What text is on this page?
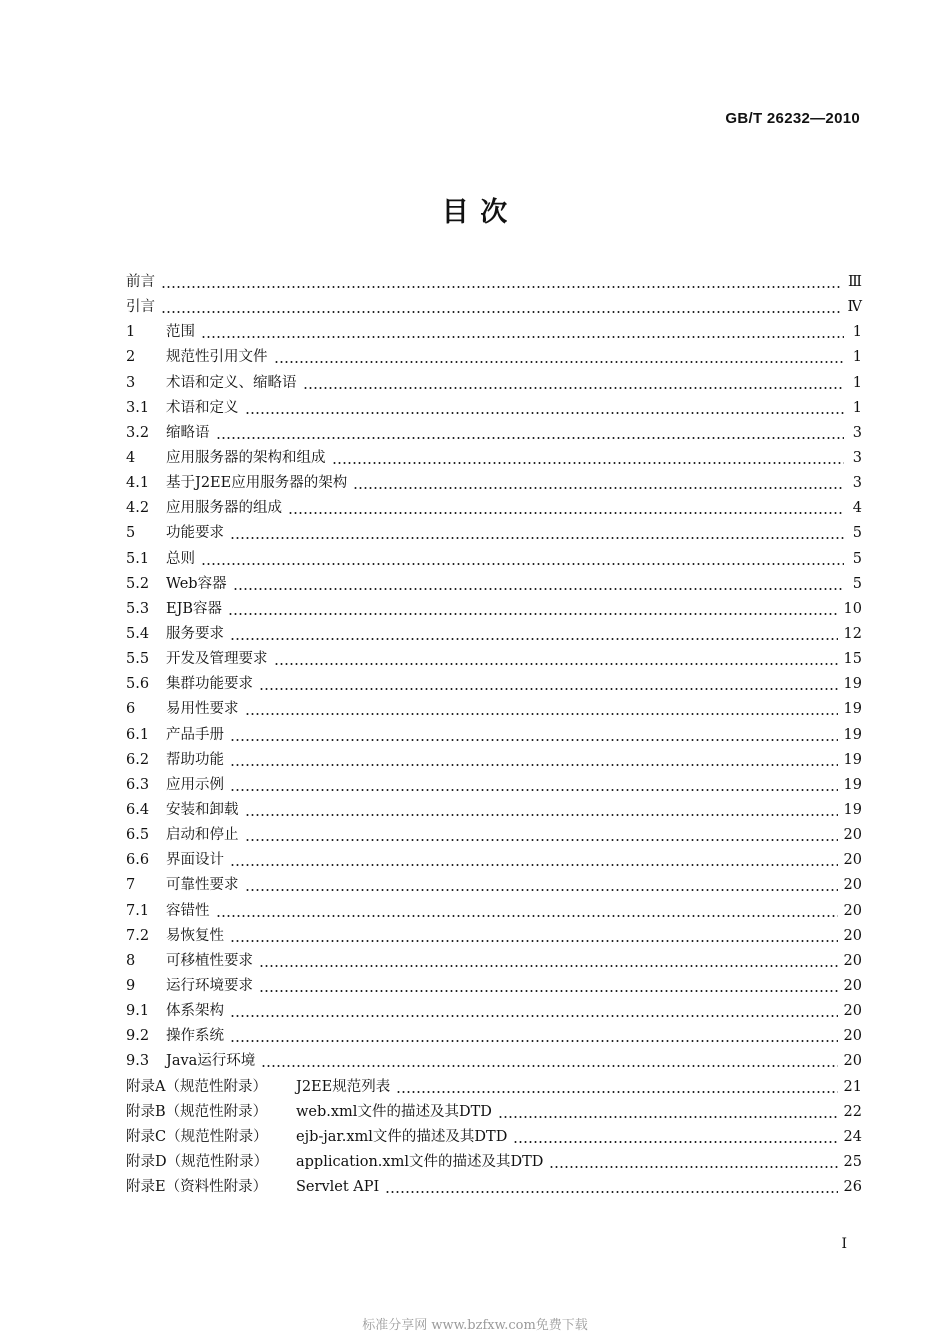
GB/T 26232—2010
目 次
前言	Ⅲ
引言	Ⅳ
1	范围	1
2	规范性引用文件	1
3	术语和定义、缩略语	1
3.1	术语和定义	1
3.2	缩略语	3
4	应用服务器的架构和组成	3
4.1	基于J2EE应用服务器的架构	3
4.2	应用服务器的组成	4
5	功能要求	5
5.1	总则	5
5.2	Web容器	5
5.3	EJB容器	10
5.4	服务要求	12
5.5	开发及管理要求	15
5.6	集群功能要求	19
6	易用性要求	19
6.1	产品手册	19
6.2	帮助功能	19
6.3	应用示例	19
6.4	安装和卸载	19
6.5	启动和停止	20
6.6	界面设计	20
7	可靠性要求	20
7.1	容错性	20
7.2	易恢复性	20
8	可移植性要求	20
9	运行环境要求	20
9.1	体系架构	20
9.2	操作系统	20
9.3	Java运行环境	20
附录A（规范性附录）	J2EE规范列表	21
附录B（规范性附录）	web.xml文件的描述及其DTD	22
附录C（规范性附录）	ejb-jar.xml文件的描述及其DTD	24
附录D（规范性附录）	application.xml文件的描述及其DTD	25
附录E（资料性附录）	Servlet API	26
I
标准分享网 www.bzfxw.com免费下载
